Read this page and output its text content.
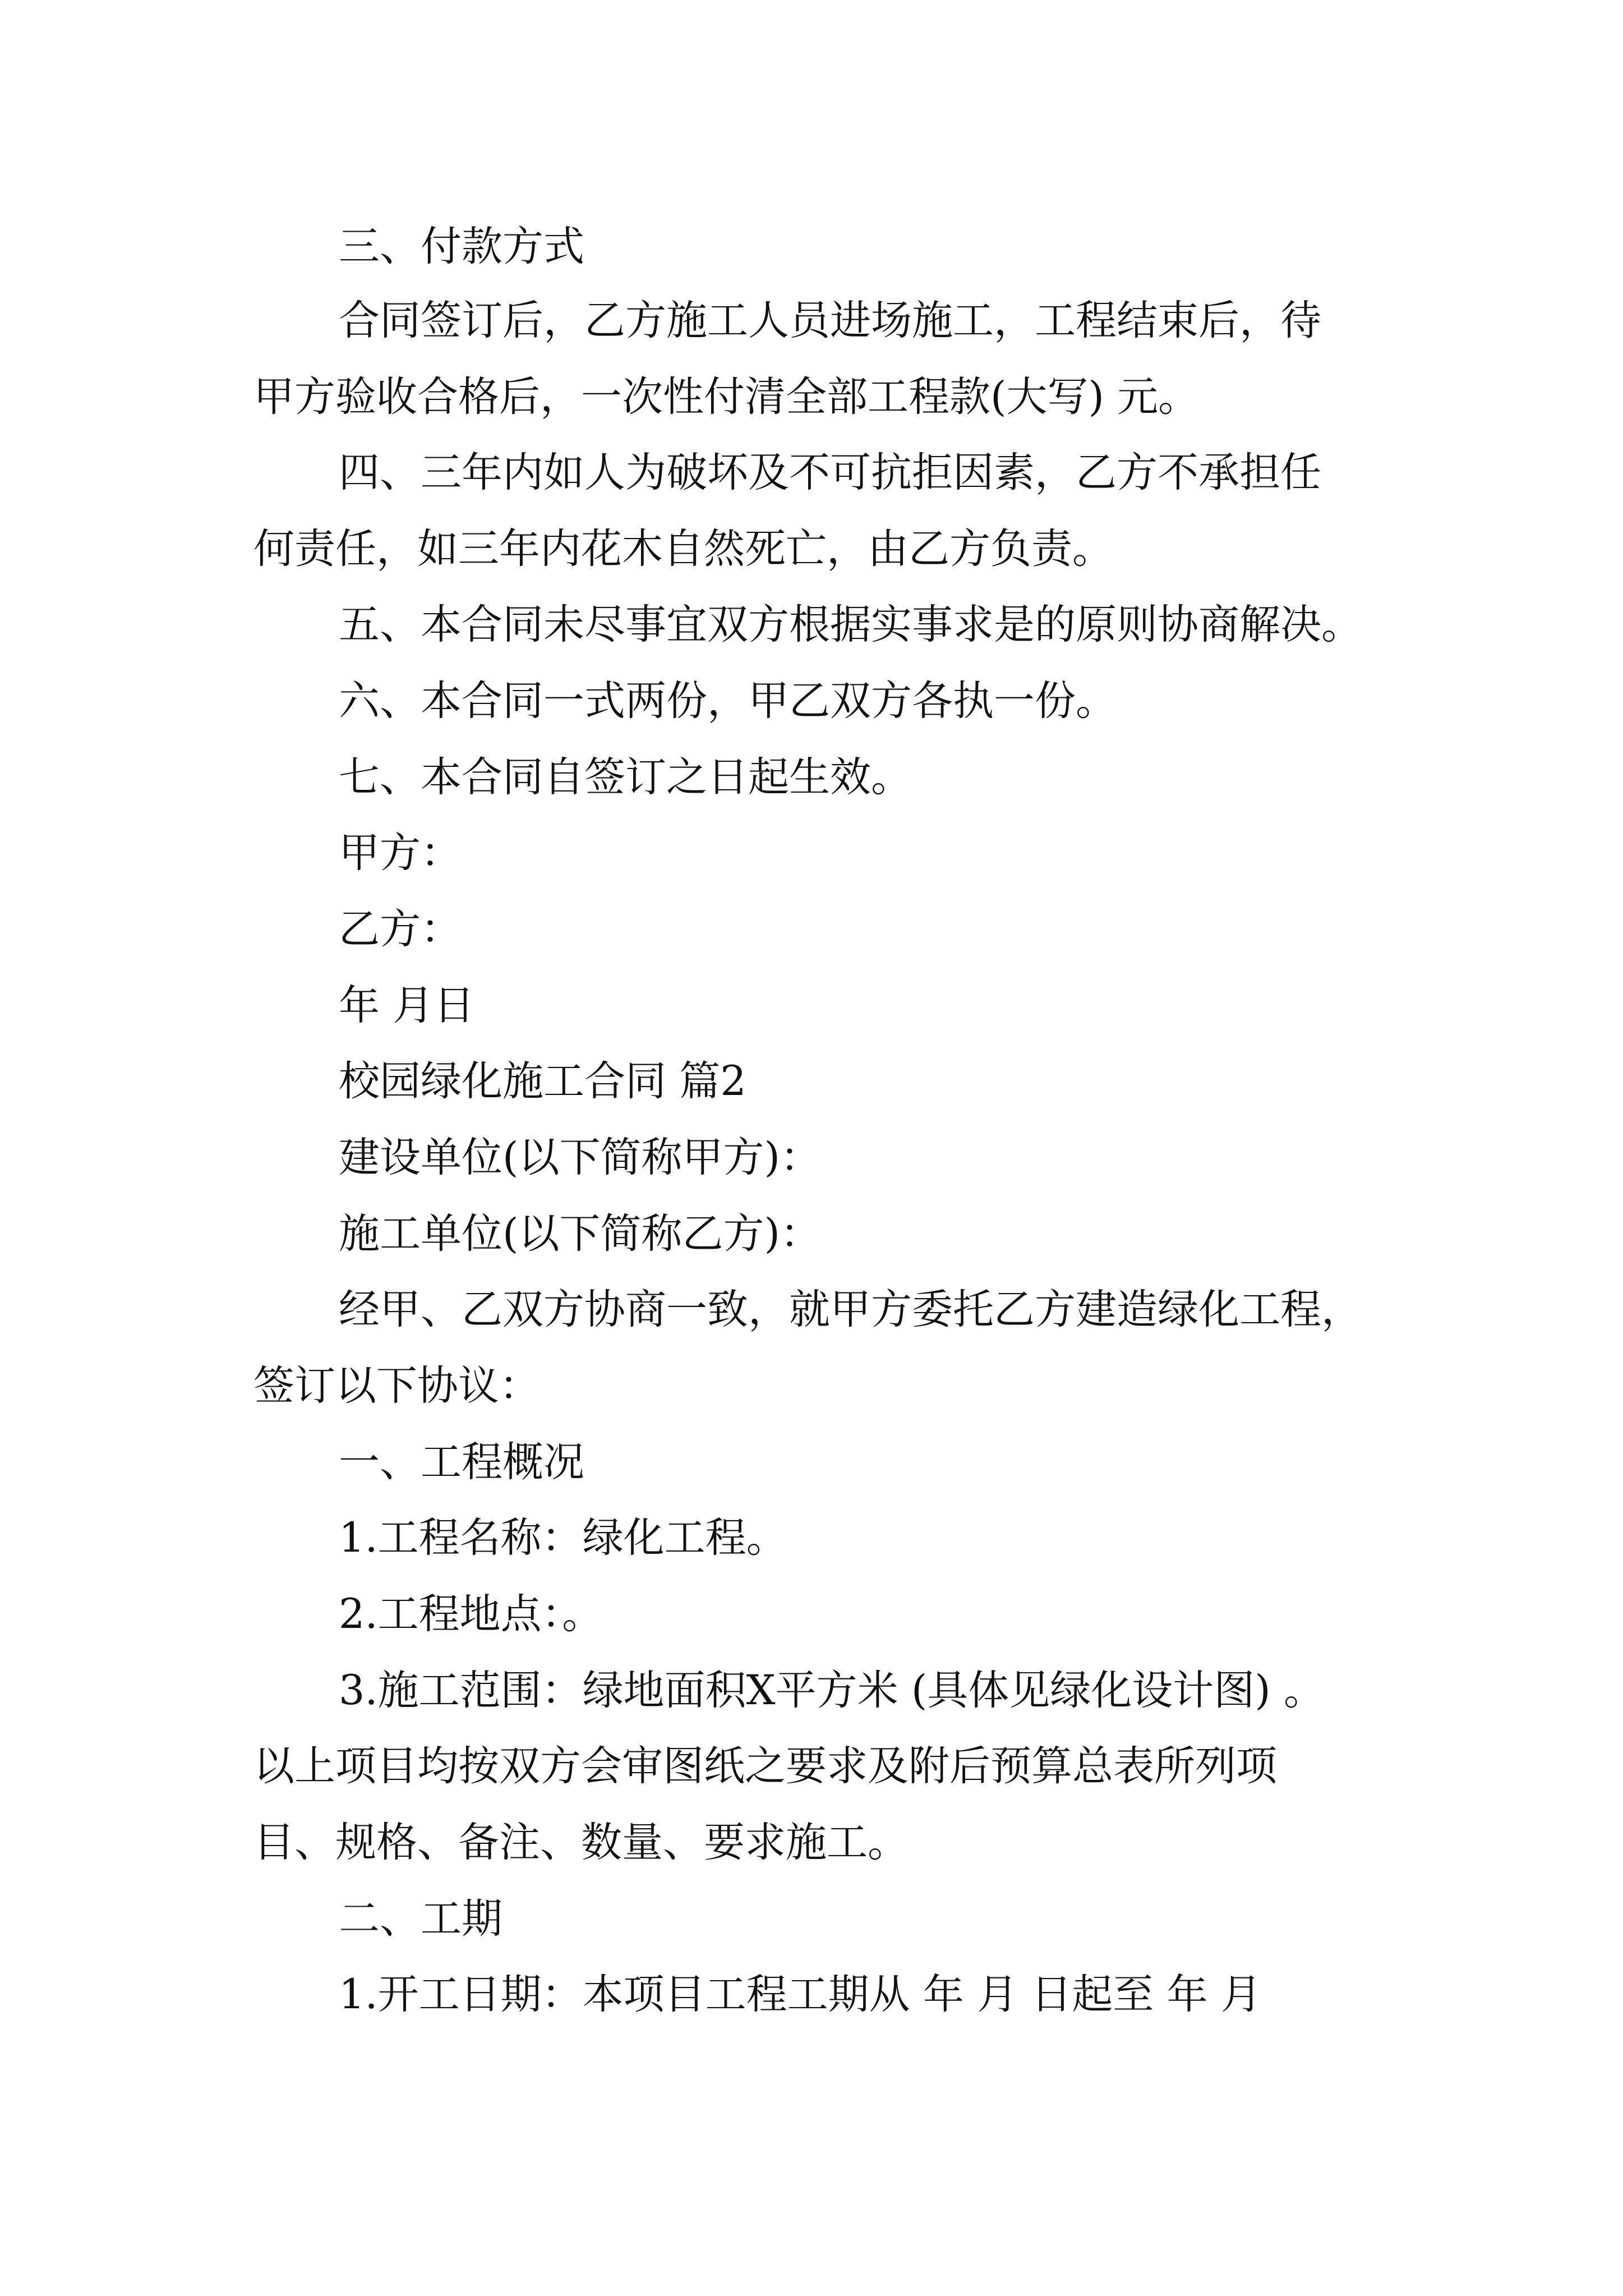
三、付款方式
合同签订后，乙方施工人员进场施工，工程结束后，待
甲方验收合格后，一次性付清全部工程款(大写) 元。
四、三年内如人为破坏及不可抗拒因素，乙方不承担任
何责任，如三年内花木自然死亡，由乙方负责。
五、本合同未尽事宜双方根据实事求是的原则协商解决。
六、本合同一式两份，甲乙双方各执一份。
七、本合同自签订之日起生效。
甲方：
乙方：
年 月日
校园绿化施工合同 篇2
建设单位(以下简称甲方)：
施工单位(以下简称乙方)：
经甲、乙双方协商一致，就甲方委托乙方建造绿化工程，
签订以下协议：
一、工程概况
1.工程名称：绿化工程。
2.工程地点：。
3.施工范围：绿地面积X平方米 (具体见绿化设计图) 。
以上项目均按双方会审图纸之要求及附后预算总表所列项
目、规格、备注、数量、要求施工。
二、工期
1.开工日期：本项目工程工期从 年 月 日起至 年 月
